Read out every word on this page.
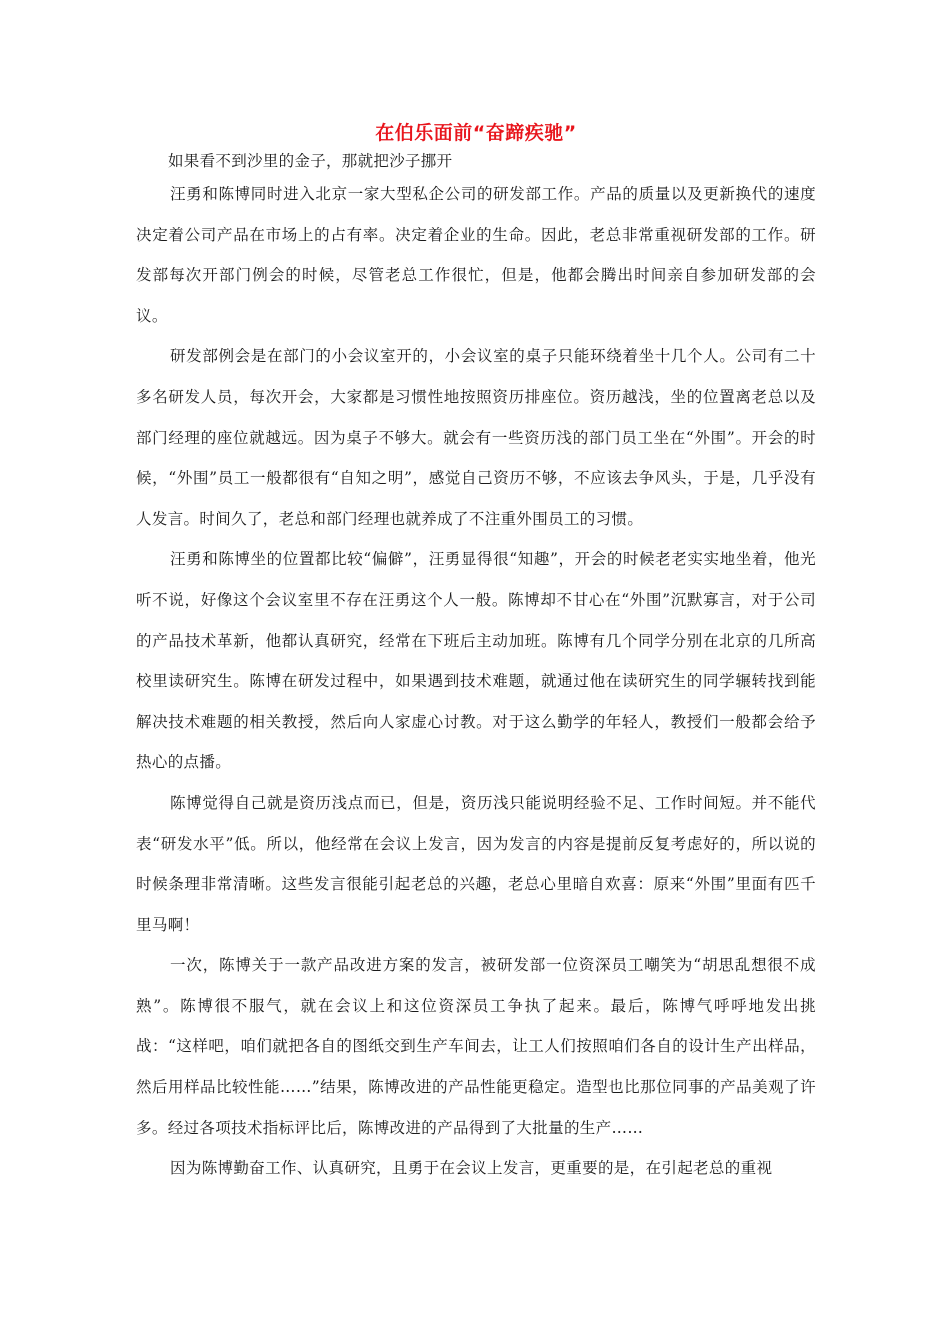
在伯乐面前“奋蹄疾驰”

如果看不到沙里的金子，那就把沙子挪开

汪勇和陈博同时进入北京一家大型私企公司的研发部工作。产品的质量以及更新换代的速度决定着公司产品在市场上的占有率。决定着企业的生命。因此，老总非常重视研发部的工作。研发部每次开部门例会的时候，尽管老总工作很忙，但是，他都会腾出时间亲自参加研发部的会议。

研发部例会是在部门的小会议室开的，小会议室的桌子只能环绕着坐十几个人。公司有二十多名研发人员，每次开会，大家都是习惯性地按照资历排座位。资历越浅，坐的位置离老总以及部门经理的座位就越远。因为桌子不够大。就会有一些资历浅的部门员工坐在“外围”。开会的时候，“外围”员工一般都很有“自知之明”，感觉自己资历不够，不应该去争风头，于是，几乎没有人发言。时间久了，老总和部门经理也就养成了不注重外围员工的习惯。

汪勇和陈博坐的位置都比较“偏僻”，汪勇显得很“知趣”，开会的时候老老实实地坐着，他光听不说，好像这个会议室里不存在汪勇这个人一般。陈博却不甘心在“外围”沉默寡言，对于公司的产品技术革新，他都认真研究，经常在下班后主动加班。陈博有几个同学分别在北京的几所高校里读研究生。陈博在研发过程中，如果遇到技术难题，就通过他在读研究生的同学辗转找到能解决技术难题的相关教授，然后向人家虚心讨教。对于这么勤学的年轻人，教授们一般都会给予热心的点播。

陈博觉得自己就是资历浅点而已，但是，资历浅只能说明经验不足、工作时间短。并不能代表“研发水平”低。所以，他经常在会议上发言，因为发言的内容是提前反复考虑好的，所以说的时候条理非常清晰。这些发言很能引起老总的兴趣，老总心里暗自欢喜：原来“外围”里面有匹千里马啊！

一次，陈博关于一款产品改进方案的发言，被研发部一位资深员工嘲笑为“胡思乱想很不成熟”。陈博很不服气，就在会议上和这位资深员工争执了起来。最后，陈博气呼呼地发出挑战：“这样吧，咱们就把各自的图纸交到生产车间去，让工人们按照咱们各自的设计生产出样品，然后用样品比较性能……”结果，陈博改进的产品性能更稳定。造型也比那位同事的产品美观了许多。经过各项技术指标评比后，陈博改进的产品得到了大批量的生产……

因为陈博勤奋工作、认真研究，且勇于在会议上发言，更重要的是，在引起老总的重视
